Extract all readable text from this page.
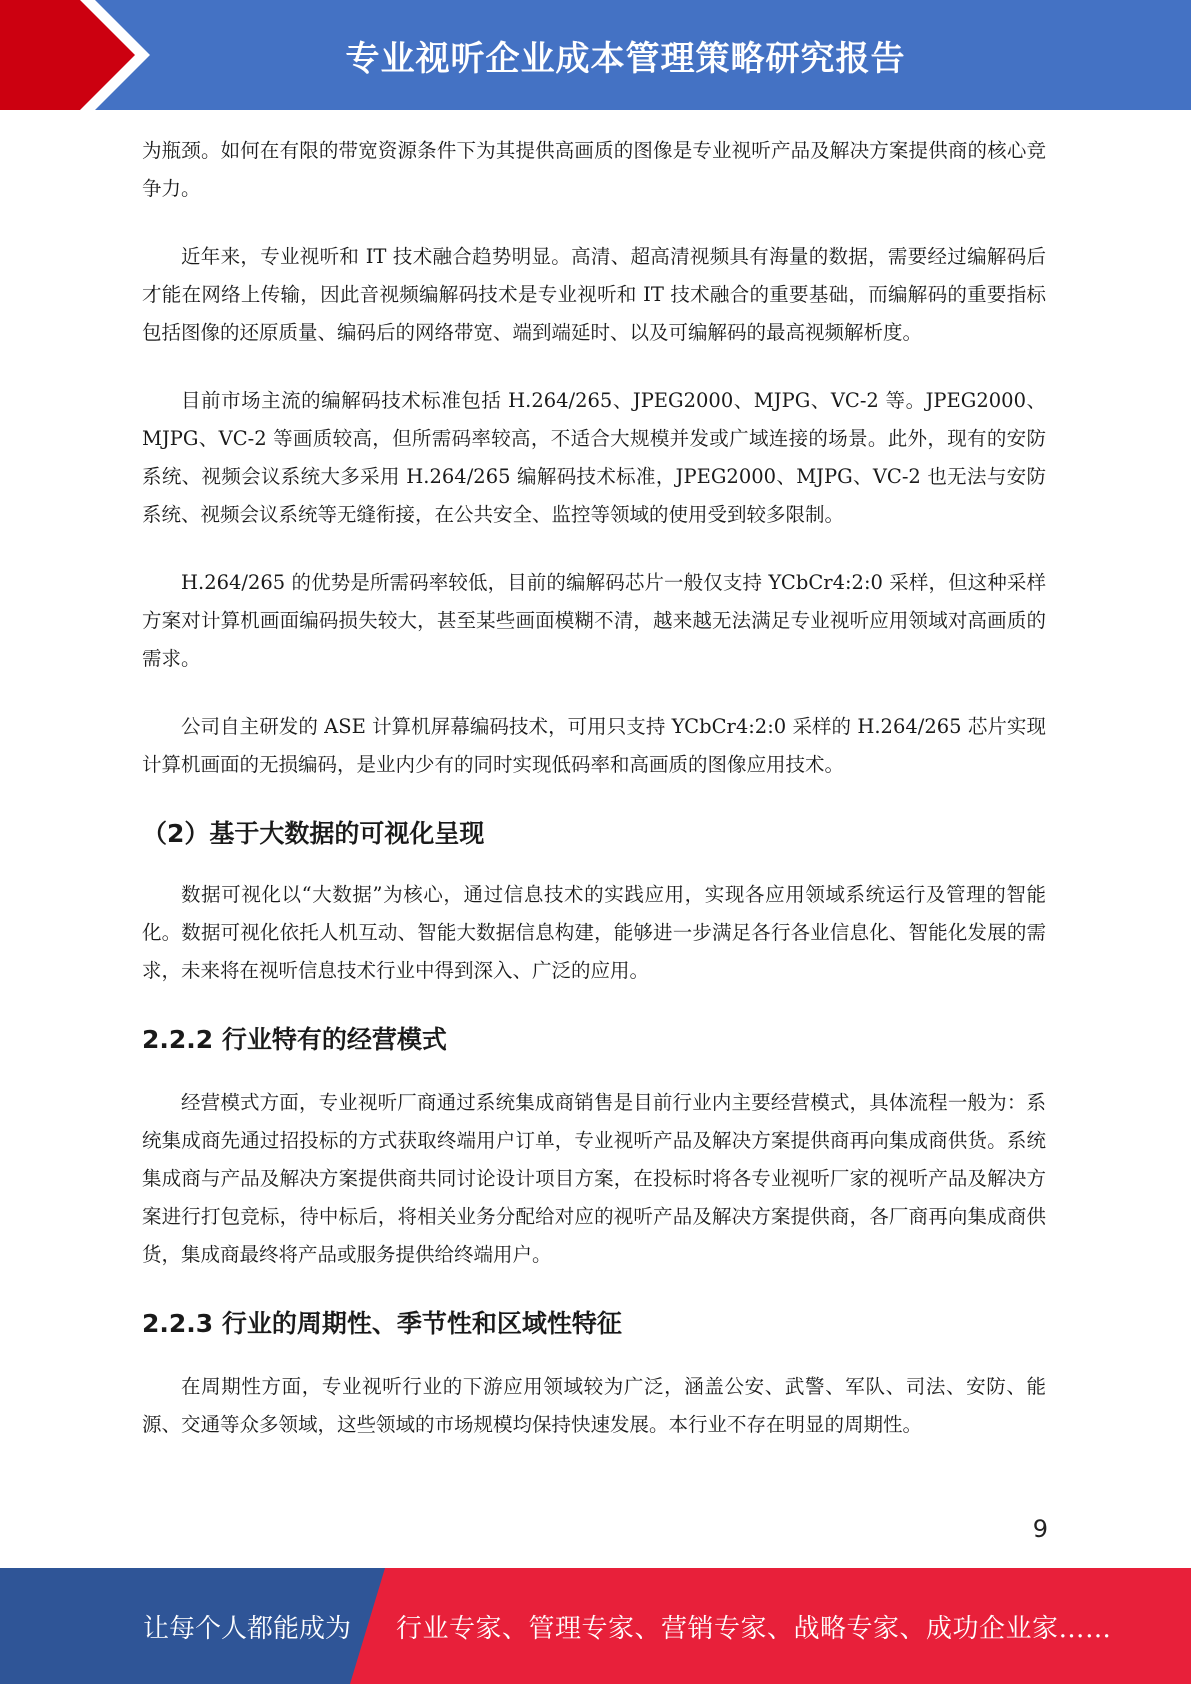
专业视听企业成本管理策略研究报告

为瓶颈。如何在有限的带宽资源条件下为其提供高画质的图像是专业视听产品及解决方案提供商的核心竞争力。

近年来，专业视听和 IT 技术融合趋势明显。高清、超高清视频具有海量的数据，需要经过编解码后才能在网络上传输，因此音视频编解码技术是专业视听和 IT 技术融合的重要基础，而编解码的重要指标包括图像的还原质量、编码后的网络带宽、端到端延时、以及可编解码的最高视频解析度。

目前市场主流的编解码技术标准包括 H.264/265、JPEG2000、MJPG、VC-2 等。JPEG2000、MJPG、VC-2 等画质较高，但所需码率较高，不适合大规模并发或广域连接的场景。此外，现有的安防系统、视频会议系统大多采用 H.264/265 编解码技术标准，JPEG2000、MJPG、VC-2 也无法与安防系统、视频会议系统等无缝衔接，在公共安全、监控等领域的使用受到较多限制。

H.264/265 的优势是所需码率较低，目前的编解码芯片一般仅支持 YCbCr4:2:0 采样，但这种采样方案对计算机画面编码损失较大，甚至某些画面模糊不清，越来越无法满足专业视听应用领域对高画质的需求。

公司自主研发的 ASE 计算机屏幕编码技术，可用只支持 YCbCr4:2:0 采样的 H.264/265 芯片实现计算机画面的无损编码，是业内少有的同时实现低码率和高画质的图像应用技术。

（2）基于大数据的可视化呈现

数据可视化以“大数据”为核心，通过信息技术的实践应用，实现各应用领域系统运行及管理的智能化。数据可视化依托人机互动、智能大数据信息构建，能够进一步满足各行各业信息化、智能化发展的需求，未来将在视听信息技术行业中得到深入、广泛的应用。

2.2.2 行业特有的经营模式

经营模式方面，专业视听厂商通过系统集成商销售是目前行业内主要经营模式，具体流程一般为：系统集成商先通过招投标的方式获取终端用户订单，专业视听产品及解决方案提供商再向集成商供货。系统集成商与产品及解决方案提供商共同讨论设计项目方案，在投标时将各专业视听厂家的视听产品及解决方案进行打包竞标，待中标后，将相关业务分配给对应的视听产品及解决方案提供商，各厂商再向集成商供货，集成商最终将产品或服务提供给终端用户。

2.2.3 行业的周期性、季节性和区域性特征

在周期性方面，专业视听行业的下游应用领域较为广泛，涵盖公安、武警、军队、司法、安防、能源、交通等众多领域，这些领域的市场规模均保持快速发展。本行业不存在明显的周期性。

9
让每个人都能成为 行业专家、管理专家、营销专家、战略专家、成功企业家……
